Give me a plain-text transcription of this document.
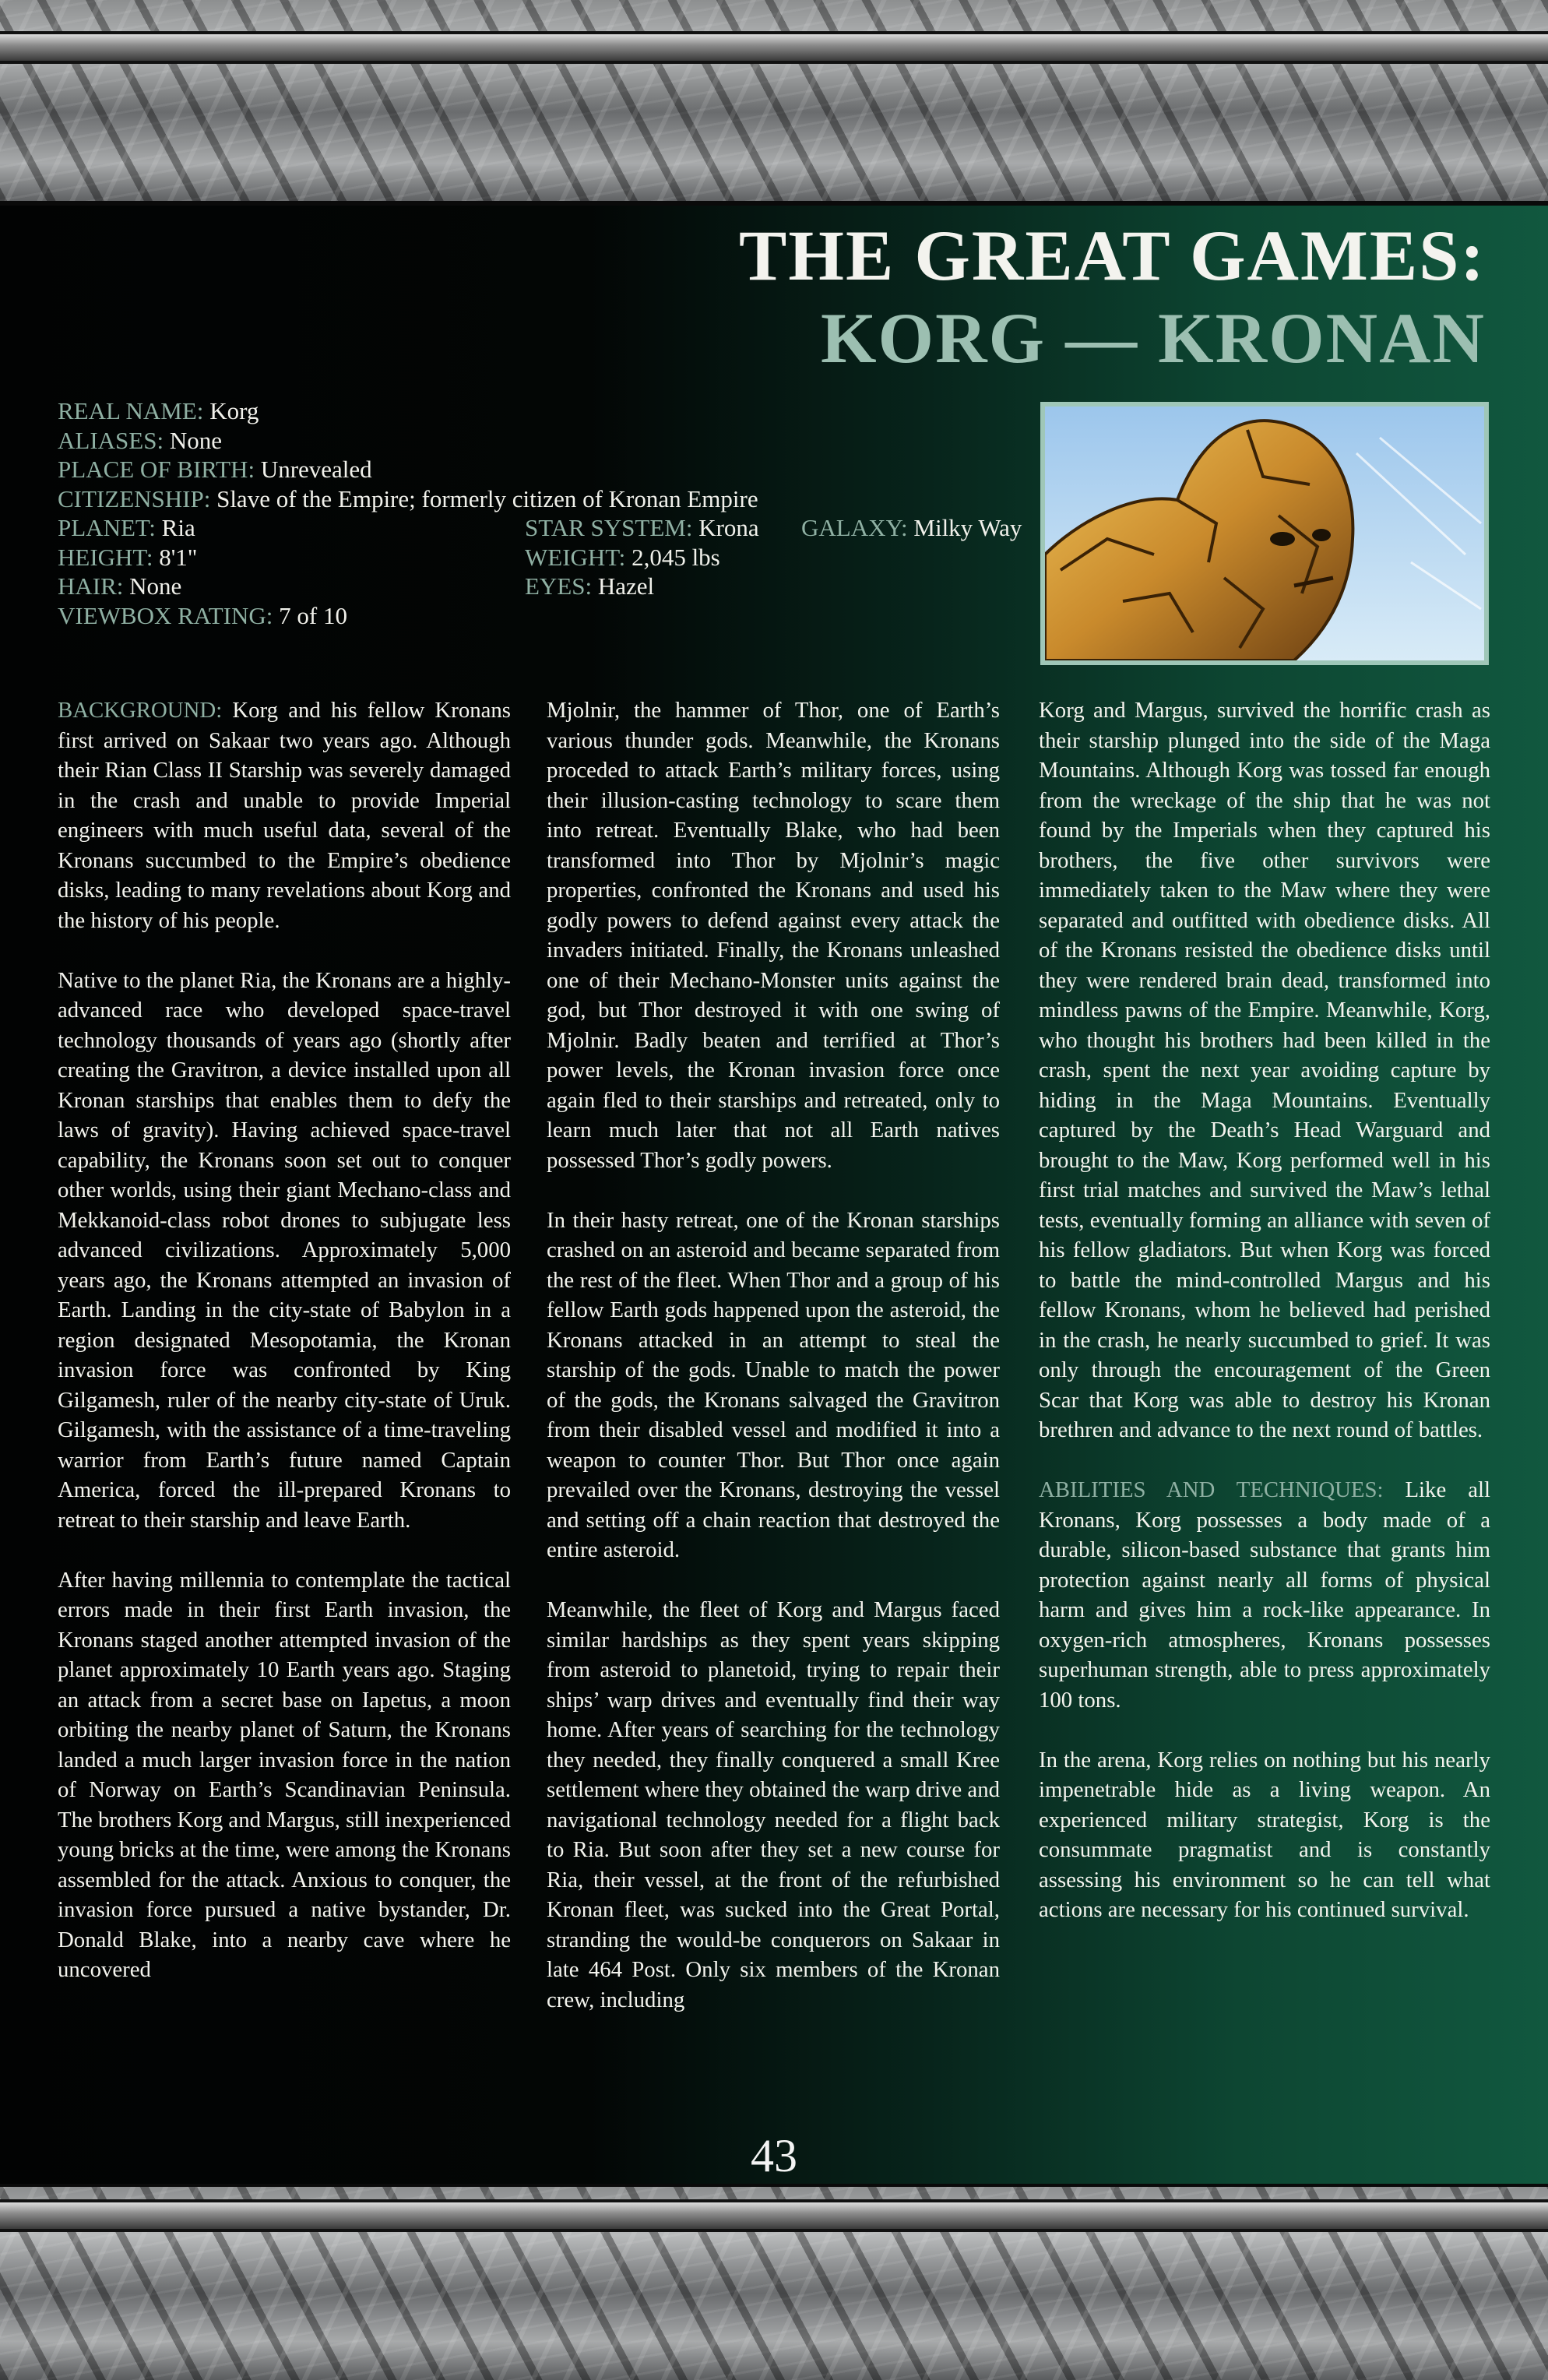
THE GREAT GAMES:
KORG — KRONAN
REAL NAME: Korg
ALIASES: None
PLACE OF BIRTH: Unrevealed
CITIZENSHIP: Slave of the Empire; formerly citizen of Kronan Empire
PLANET: Ria	STAR SYSTEM: Krona GALAXY: Milky Way
HEIGHT: 8'1"	WEIGHT: 2,045 lbs
HAIR: None	EYES: Hazel
VIEWBOX RATING: 7 of 10

BACKGROUND: Korg and his fellow Kronans first arrived on Sakaar two years ago. Although their Rian Class II Starship was severely damaged in the crash and unable to provide Imperial engineers with much useful data, several of the Kronans succumbed to the Empire’s obedience disks, leading to many revelations about Korg and the history of his people.

Native to the planet Ria, the Kronans are a highly-advanced race who developed space-travel technology thousands of years ago (shortly after creating the Gravitron, a device installed upon all Kronan starships that enables them to defy the laws of gravity). Having achieved space-travel capability, the Kronans soon set out to conquer other worlds, using their giant Mechano-class and Mekkanoid-class robot drones to subjugate less advanced civilizations. Approximately 5,000 years ago, the Kronans attempted an invasion of Earth. Landing in the city-state of Babylon in a region designated Mesopotamia, the Kronan invasion force was confronted by King Gilgamesh, ruler of the nearby city-state of Uruk. Gilgamesh, with the assistance of a time-traveling warrior from Earth’s future named Captain America, forced the ill-prepared Kronans to retreat to their starship and leave Earth.

After having millennia to contemplate the tactical errors made in their first Earth invasion, the Kronans staged another attempted invasion of the planet approximately 10 Earth years ago. Staging an attack from a secret base on Iapetus, a moon orbiting the nearby planet of Saturn, the Kronans landed a much larger invasion force in the nation of Norway on Earth’s Scandinavian Peninsula. The brothers Korg and Margus, still inexperienced young bricks at the time, were among the Kronans assembled for the attack. Anxious to conquer, the invasion force pursued a native bystander, Dr. Donald Blake, into a nearby cave where he uncovered

Mjolnir, the hammer of Thor, one of Earth’s various thunder gods. Meanwhile, the Kronans proceded to attack Earth’s military forces, using their illusion-casting technology to scare them into retreat. Eventually Blake, who had been transformed into Thor by Mjolnir’s magic properties, confronted the Kronans and used his godly powers to defend against every attack the invaders initiated. Finally, the Kronans unleashed one of their Mechano-Monster units against the god, but Thor destroyed it with one swing of Mjolnir. Badly beaten and terrified at Thor’s power levels, the Kronan invasion force once again fled to their starships and retreated, only to learn much later that not all Earth natives possessed Thor’s godly powers.

In their hasty retreat, one of the Kronan starships crashed on an asteroid and became separated from the rest of the fleet. When Thor and a group of his fellow Earth gods happened upon the asteroid, the Kronans attacked in an attempt to steal the starship of the gods. Unable to match the power of the gods, the Kronans salvaged the Gravitron from their disabled vessel and modified it into a weapon to counter Thor. But Thor once again prevailed over the Kronans, destroying the vessel and setting off a chain reaction that destroyed the entire asteroid.

Meanwhile, the fleet of Korg and Margus faced similar hardships as they spent years skipping from asteroid to planetoid, trying to repair their ships’ warp drives and eventually find their way home. After years of searching for the technology they needed, they finally conquered a small Kree settlement where they obtained the warp drive and navigational technology needed for a flight back to Ria. But soon after they set a new course for Ria, their vessel, at the front of the refurbished Kronan fleet, was sucked into the Great Portal, stranding the would-be conquerors on Sakaar in late 464 Post. Only six members of the Kronan crew, including

Korg and Margus, survived the horrific crash as their starship plunged into the side of the Maga Mountains. Although Korg was tossed far enough from the wreckage of the ship that he was not found by the Imperials when they captured his brothers, the five other survivors were immediately taken to the Maw where they were separated and outfitted with obedience disks. All of the Kronans resisted the obedience disks until they were rendered brain dead, transformed into mindless pawns of the Empire. Meanwhile, Korg, who thought his brothers had been killed in the crash, spent the next year avoiding capture by hiding in the Maga Mountains. Eventually captured by the Death’s Head Warguard and brought to the Maw, Korg performed well in his first trial matches and survived the Maw’s lethal tests, eventually forming an alliance with seven of his fellow gladiators. But when Korg was forced to battle the mind-controlled Margus and his fellow Kronans, whom he believed had perished in the crash, he nearly succumbed to grief. It was only through the encouragement of the Green Scar that Korg was able to destroy his Kronan brethren and advance to the next round of battles.

ABILITIES AND TECHNIQUES: Like all Kronans, Korg possesses a body made of a durable, silicon-based substance that grants him protection against nearly all forms of physical harm and gives him a rock-like appearance. In oxygen-rich atmospheres, Kronans possesses superhuman strength, able to press approximately 100 tons.

In the arena, Korg relies on nothing but his nearly impenetrable hide as a living weapon. An experienced military strategist, Korg is the consummate pragmatist and is constantly assessing his environment so he can tell what actions are necessary for his continued survival.

43
